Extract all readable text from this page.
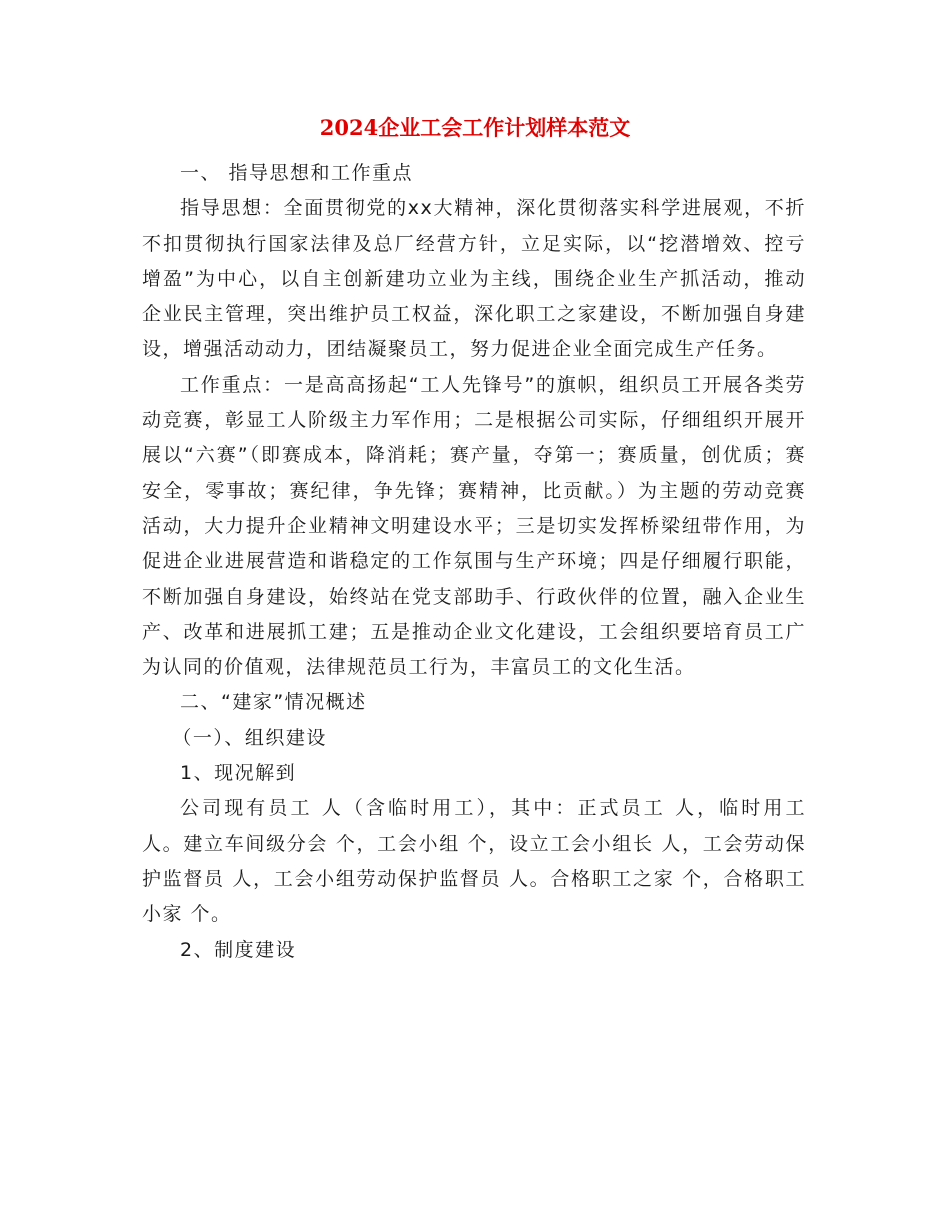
2024企业工会工作计划样本范文

一、 指导思想和工作重点

指导思想：全面贯彻党的xx大精神，深化贯彻落实科学进展观，不折不扣贯彻执行国家法律及总厂经营方针，立足实际，以“挖潜增效、控亏增盈”为中心，以自主创新建功立业为主线，围绕企业生产抓活动，推动企业民主管理，突出维护员工权益，深化职工之家建设，不断加强自身建设，增强活动动力，团结凝聚员工，努力促进企业全面完成生产任务。

工作重点：一是高高扬起“工人先锋号”的旗帜，组织员工开展各类劳动竞赛，彰显工人阶级主力军作用；二是根据公司实际，仔细组织开展开展以“六赛”（即赛成本，降消耗；赛产量，夺第一；赛质量，创优质；赛安全，零事故；赛纪律，争先锋；赛精神，比贡献。）为主题的劳动竞赛活动，大力提升企业精神文明建设水平；三是切实发挥桥梁纽带作用，为促进企业进展营造和谐稳定的工作氛围与生产环境；四是仔细履行职能，不断加强自身建设，始终站在党支部助手、行政伙伴的位置，融入企业生产、改革和进展抓工建；五是推动企业文化建设，工会组织要培育员工广为认同的价值观，法律规范员工行为，丰富员工的文化生活。

二、“建家”情况概述

（一）、组织建设

1、现况解到

公司现有员工 人（含临时用工），其中：正式员工 人，临时用工 人。建立车间级分会 个，工会小组 个，设立工会小组长 人，工会劳动保护监督员 人，工会小组劳动保护监督员 人。合格职工之家 个，合格职工小家 个。

2、制度建设
